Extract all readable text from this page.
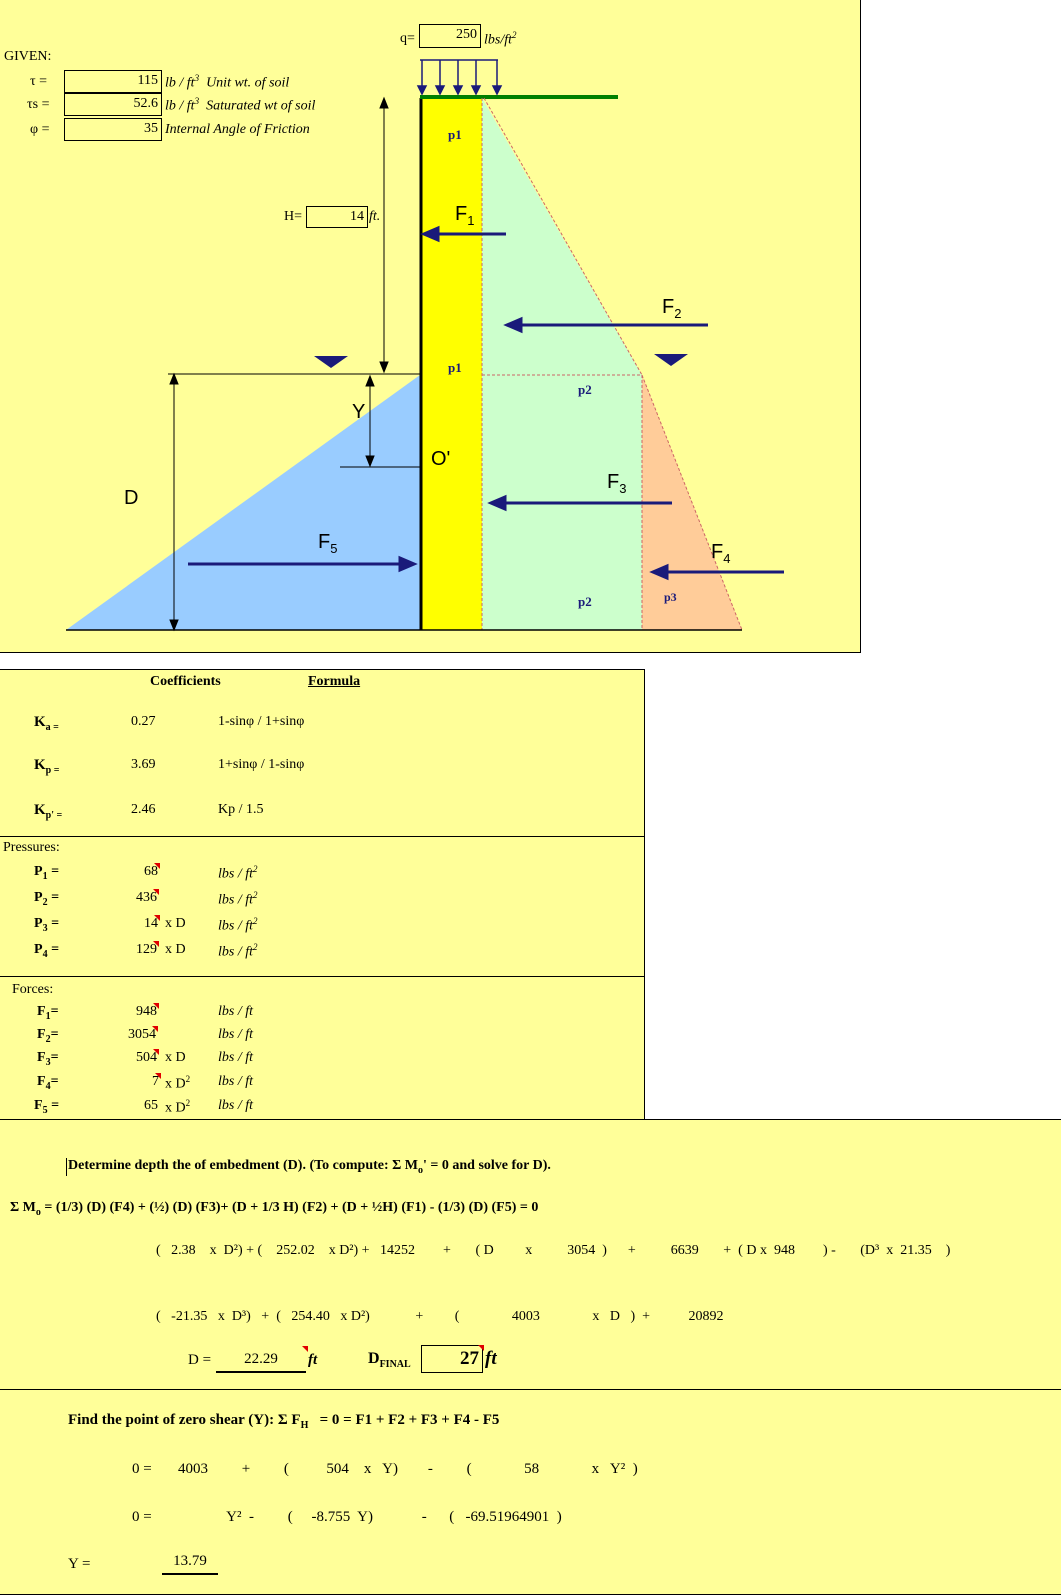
GIVEN:
τ =	115 lb / $ft^3$ Unit wt. of soil
τs =	52.6 lb / $ft^3$ Saturated wt of soil
φ =	35 Internal Angle of Friction
q=	250 lbs/$ft^2$
H=	14 ft.
p1
p1
p2
p2	p3
$F_1$
$F_2$
$F_3$
$F_4$
$F_5$
Y
O'
D
Coefficients	Formula
$K_{a =}$	0.27	1-sinφ / 1+sinφ
$K_{p =}$	3.69	1+sinφ / 1-sinφ
$K_{p' =}$	2.46	Kp / 1.5
Pressures:
$P_1$ =	68	lbs / $ft^2$
$P_2$ =	436	lbs / $ft^2$
$P_3$ =	14 x D lbs / $ft^2$
$P_4$ =	129 x D lbs / $ft^2$
Forces:
$F_1=$	948	lbs / ft
$F_2=$	3054	lbs / ft
$F_3=$	504 x D lbs / ft
$F_4=$	7 x $D^2$ lbs / ft
$F_5$ =	65 x $D^2$ lbs / ft
Determine depth the of embedment (D). (To compute: Σ $M_o' = 0$ and solve for D).
Σ $M_o = (1/3)$ (D) (F4) + (½) (D) (F3)+ (D + 1/3 H) (F2) + (D + ½H) (F1) - (1/3) (D) (F5) = 0
(   2.38    x  D²) + (    252.02    x D²) +   14252        +       ( D         x          3054  )      +          6639       +  ( D x  948        ) -       (D³  x  21.35    )
(   -21.35   x  D³)   +  (   254.40   x D²)             +         (               4003               x   D   )  +           20892
D =	22.29	ft	$D_{FINAL}$	27 ft
Find the point of zero shear (Y): Σ $F_H = 0 = F1 + F2 + F3 + F4 - F5$
0 =       4003         +         (          504    x   Y)        -         (              58              x   Y²  )
0 =                    Y²  -         (     -8.755  Y)             -      (   -69.51964901  )
Y =	13.79
